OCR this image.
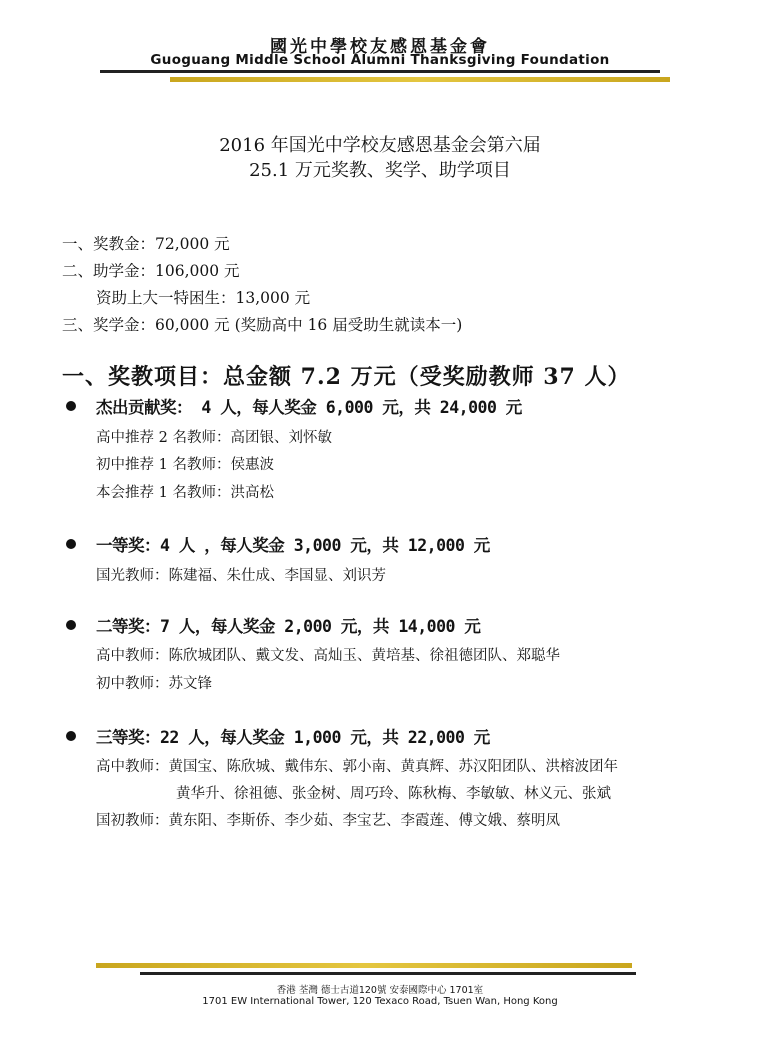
國光中學校友感恩基金會
Guoguang Middle School Alumni Thanksgiving Foundation
2016 年国光中学校友感恩基金会第六届
25.1 万元奖教、奖学、助学项目
一、奖教金：72,000 元
二、助学金：106,000 元
资助上大一特困生：13,000 元
三、奖学金：60,000 元 (奖励高中 16 届受助生就读本一)
一、奖教项目：总金额 7.2 万元（受奖励教师 37 人）
杰出贡献奖： 4 人，每人奖金 6,000 元，共 24,000 元
高中推荐 2 名教师：高团银、刘怀敏
初中推荐 1 名教师：侯惠波
本会推荐 1 名教师：洪高松
一等奖：4 人 ，每人奖金 3,000 元，共 12,000 元
国光教师：陈建福、朱仕成、李国显、刘识芳
二等奖：7 人，每人奖金 2,000 元，共 14,000 元
高中教师：陈欣城团队、戴文发、高灿玉、黄培基、徐祖德团队、郑聪华
初中教师：苏文锋
三等奖：22 人，每人奖金 1,000 元，共 22,000 元
高中教师：黄国宝、陈欣城、戴伟东、郭小南、黄真辉、苏汉阳团队、洪榕波团年
黄华升、徐祖德、张金树、周巧玲、陈秋梅、李敏敏、林义元、张斌
国初教师：黄东阳、李斯侨、李少茹、李宝艺、李霞莲、傅文娥、蔡明凤
香港 荃灣 德士古道120號 安泰國際中心 1701室
1701 EW International Tower, 120 Texaco Road, Tsuen Wan, Hong Kong
